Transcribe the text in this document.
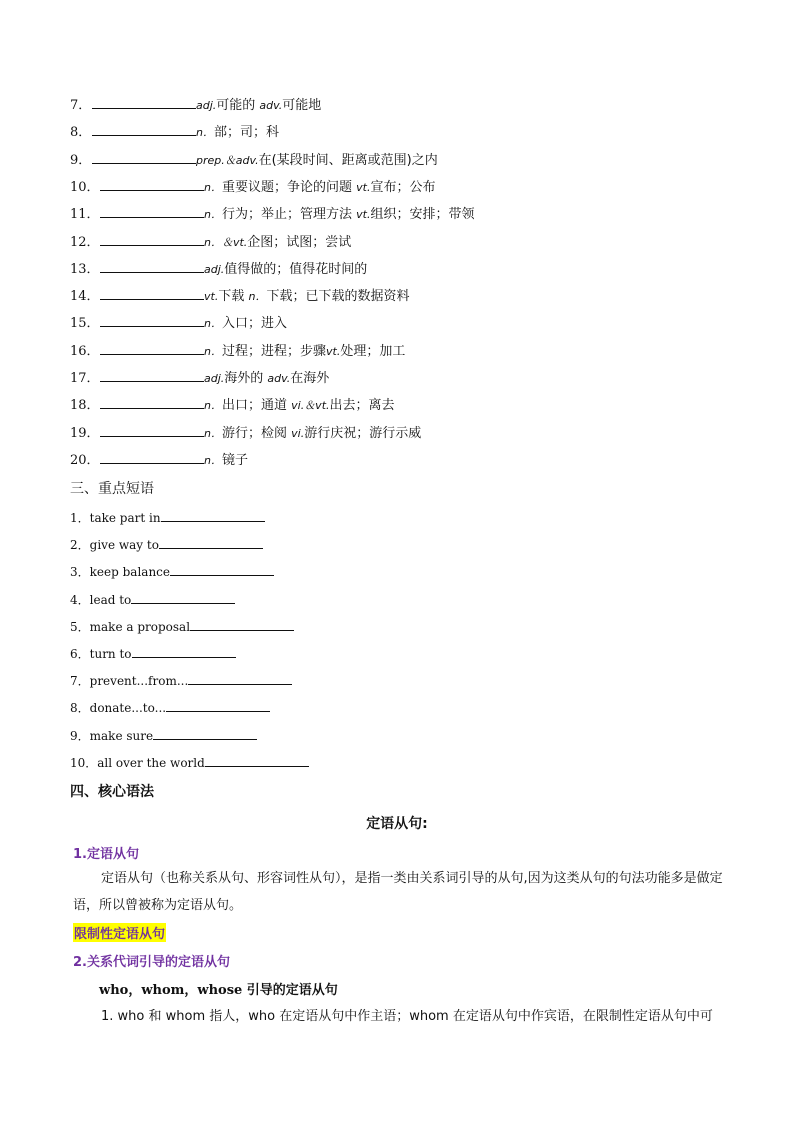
7．	adj.可能的 adv.可能地
8．	n．部；司；科
9．	prep.＆adv.在(某段时间、距离或范围)之内
10．	n．重要议题；争论的问题 vt.宣布；公布
11．	n．行为；举止；管理方法 vt.组织；安排；带领
12．	n．＆vt.企图；试图；尝试
13．	adj.值得做的；值得花时间的
14．	vt.下载 n．下载；已下载的数据资料
15．	n．入口；进入
16．	n．过程；进程；步骤vt.处理；加工
17．	adj.海外的 adv.在海外
18．	n．出口；通道 vi.＆vt.出去；离去
19．	n．游行；检阅 vi.游行庆祝；游行示威
20．	n．镜子
三、重点短语
1．take part in
2．give way to
3．keep balance
4．lead to
5．make a proposal
6．turn to
7．prevent...from...
8．donate...to...
9．make sure
10．all over the world
四、核心语法
定语从句:
1.定语从句
定语从句（也称关系从句、形容词性从句），是指一类由关系词引导的从句,因为这类从句的句法功能多是做定语，所以曾被称为定语从句。
限制性定语从句
2.关系代词引导的定语从句
who，whom，whose 引导的定语从句
1. who 和 whom 指人，who 在定语从句中作主语；whom 在定语从句中作宾语，在限制性定语从句中可
